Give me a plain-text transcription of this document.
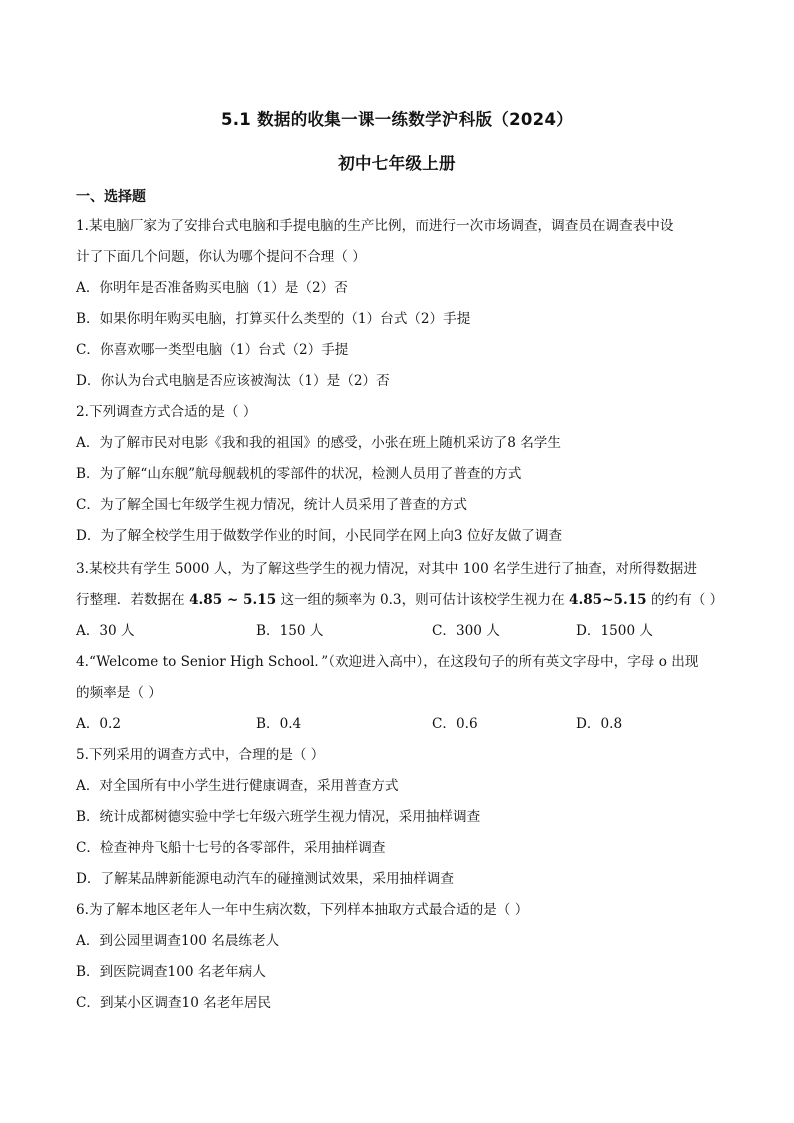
5.1 数据的收集一课一练数学沪科版（2024）
初中七年级上册
一、选择题
1.某电脑厂家为了安排台式电脑和手提电脑的生产比例，而进行一次市场调查，调查员在调查表中设
计了下面几个问题，你认为哪个提问不合理（ ）
A．你明年是否准备购买电脑（1）是（2）否
B．如果你明年购买电脑，打算买什么类型的（1）台式（2）手提
C．你喜欢哪一类型电脑（1）台式（2）手提
D．你认为台式电脑是否应该被淘汰（1）是（2）否
2.下列调查方式合适的是（ ）
A．为了解市民对电影《我和我的祖国》的感受，小张在班上随机采访了8 名学生
B．为了解“山东舰”航母舰载机的零部件的状况，检测人员用了普查的方式
C．为了解全国七年级学生视力情况，统计人员采用了普查的方式
D．为了解全校学生用于做数学作业的时间，小民同学在网上向3 位好友做了调查
3.某校共有学生 5000 人，为了解这些学生的视力情况，对其中 100 名学生进行了抽查，对所得数据进
行整理．若数据在 4.85 ~ 5.15 这一组的频率为 0.3，则可估计该校学生视力在 4.85~5.15 的约有（ ）
A．30 人	B．150 人	C．300 人	D．1500 人
4.“Welcome to Senior High School．”（欢迎进入高中），在这段句子的所有英文字母中，字母 o 出现
的频率是（ ）
A．0.2	B．0.4	C．0.6	D．0.8
5.下列采用的调查方式中，合理的是（ ）
A．对全国所有中小学生进行健康调查，采用普查方式
B．统计成都树德实验中学七年级六班学生视力情况，采用抽样调查
C．检查神舟飞船十七号的各零部件，采用抽样调查
D．了解某品牌新能源电动汽车的碰撞测试效果，采用抽样调查
6.为了解本地区老年人一年中生病次数，下列样本抽取方式最合适的是（ ）
A．到公园里调查100 名晨练老人
B．到医院调查100 名老年病人
C．到某小区调查10 名老年居民
